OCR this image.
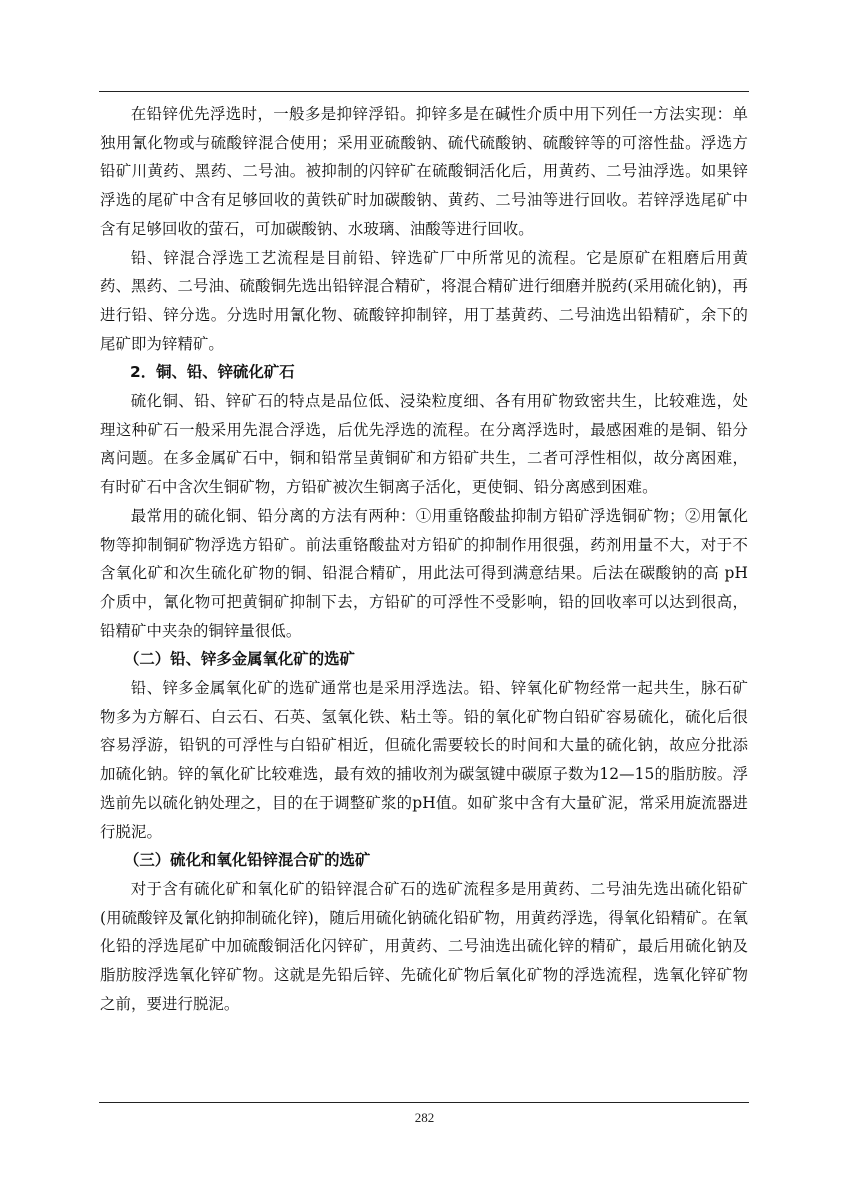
在铅锌优先浮选时，一般多是抑锌浮铅。抑锌多是在碱性介质中用下列任一方法实现：单独用氰化物或与硫酸锌混合使用；采用亚硫酸钠、硫代硫酸钠、硫酸锌等的可溶性盐。浮选方铅矿川黄药、黑药、二号油。被抑制的闪锌矿在硫酸铜活化后，用黄药、二号油浮选。如果锌浮选的尾矿中含有足够回收的黄铁矿时加碳酸钠、黄药、二号油等进行回收。若锌浮选尾矿中含有足够回收的萤石，可加碳酸钠、水玻璃、油酸等进行回收。

铅、锌混合浮选工艺流程是目前铅、锌选矿厂中所常见的流程。它是原矿在粗磨后用黄药、黑药、二号油、硫酸铜先选出铅锌混合精矿，将混合精矿进行细磨并脱药(采用硫化钠)，再进行铅、锌分选。分选时用氰化物、硫酸锌抑制锌，用丁基黄药、二号油选出铅精矿，余下的尾矿即为锌精矿。

2．铜、铅、锌硫化矿石

硫化铜、铅、锌矿石的特点是品位低、浸染粒度细、各有用矿物致密共生，比较难选，处理这种矿石一般采用先混合浮选，后优先浮选的流程。在分离浮选时，最感困难的是铜、铅分离问题。在多金属矿石中，铜和铅常呈黄铜矿和方铅矿共生，二者可浮性相似，故分离困难，有时矿石中含次生铜矿物，方铅矿被次生铜离子活化，更使铜、铅分离感到困难。

最常用的硫化铜、铅分离的方法有两种：①用重铬酸盐抑制方铅矿浮选铜矿物；②用氰化物等抑制铜矿物浮选方铅矿。前法重铬酸盐对方铅矿的抑制作用很强，药剂用量不大，对于不含氧化矿和次生硫化矿物的铜、铅混合精矿，用此法可得到满意结果。后法在碳酸钠的高 pH 介质中，氰化物可把黄铜矿抑制下去，方铅矿的可浮性不受影响，铅的回收率可以达到很高，铅精矿中夹杂的铜锌量很低。

（二）铅、锌多金属氧化矿的选矿

铅、锌多金属氧化矿的选矿通常也是采用浮选法。铅、锌氧化矿物经常一起共生，脉石矿物多为方解石、白云石、石英、氢氧化铁、粘土等。铅的氧化矿物白铅矿容易硫化，硫化后很容易浮游，铅钒的可浮性与白铅矿相近，但硫化需要较长的时间和大量的硫化钠，故应分批添加硫化钠。锌的氧化矿比较难选，最有效的捕收剂为碳氢键中碳原子数为12—15的脂肪胺。浮选前先以硫化钠处理之，目的在于调整矿浆的pH值。如矿浆中含有大量矿泥，常采用旋流器进行脱泥。

（三）硫化和氧化铅锌混合矿的选矿

对于含有硫化矿和氧化矿的铅锌混合矿石的选矿流程多是用黄药、二号油先选出硫化铅矿(用硫酸锌及氰化钠抑制硫化锌)，随后用硫化钠硫化铅矿物，用黄药浮选，得氧化铅精矿。在氧化铅的浮选尾矿中加硫酸铜活化闪锌矿，用黄药、二号油选出硫化锌的精矿，最后用硫化钠及脂肪胺浮选氧化锌矿物。这就是先铅后锌、先硫化矿物后氧化矿物的浮选流程，选氧化锌矿物之前，要进行脱泥。

282
